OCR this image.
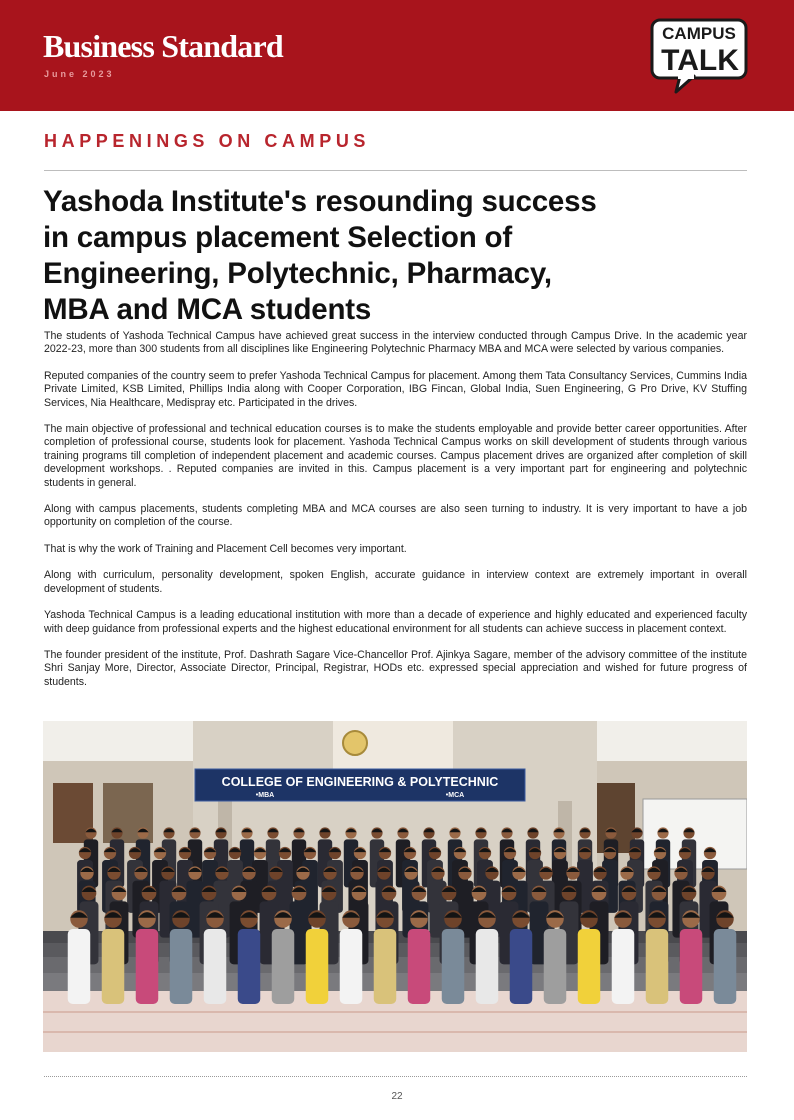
Business Standard
June 2023
CAMPUS
TALK
HAPPENINGS ON CAMPUS
Yashoda Institute's resounding success
in campus placement Selection of
Engineering, Polytechnic, Pharmacy,
MBA and MCA students

The students of Yashoda Technical Campus have achieved great success in the interview conducted through Campus Drive. In the academic year 2022-23, more than 300 students from all disciplines like Engineering Polytechnic Pharmacy MBA and MCA were selected by various companies.

Reputed companies of the country seem to prefer Yashoda Technical Campus for placement. Among them Tata Consultancy Services, Cummins India Private Limited, KSB Limited, Phillips India along with Cooper Corporation, IBG Fincan, Global India, Suen Engineering, G Pro Drive, KV Stuffing Services, Nia Healthcare, Medispray etc. Participated in the drives.

The main objective of professional and technical education courses is to make the students employable and provide better career opportunities. After completion of professional course, students look for placement. Yashoda Technical Campus works on skill development of students through various training programs till completion of independent placement and academic courses. Campus placement drives are organized after completion of skill development workshops. . Reputed companies are invited in this. Campus placement is a very important part for engineering and polytechnic students in general.

Along with campus placements, students completing MBA and MCA courses are also seen turning to industry. It is very important to have a job opportunity on completion of the course.

That is why the work of Training and Placement Cell becomes very important.

Along with curriculum, personality development, spoken English, accurate guidance in interview context are extremely important in overall development of students.

Yashoda Technical Campus is a leading educational institution with more than a decade of experience and highly educated and experienced faculty with deep guidance from professional experts and the highest educational environment for all students can achieve success in placement context.

The founder president of the institute, Prof. Dashrath Sagare Vice-Chancellor Prof. Ajinkya Sagare, member of the advisory committee of the institute Shri Sanjay More, Director, Associate Director, Principal, Registrar, HODs etc. expressed special appreciation and wished for future progress of students.

COLLEGE OF ENGINEERING & POLYTECHNIC
•MBA	•MCA
22
